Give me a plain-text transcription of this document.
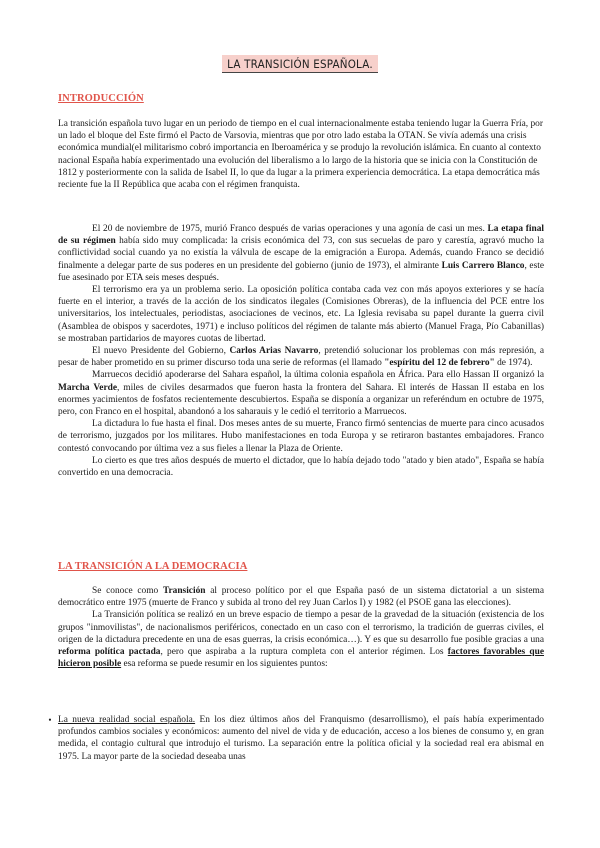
LA TRANSICIÓN ESPAÑOLA.
INTRODUCCIÓN

La transición española tuvo lugar en un periodo de tiempo en el cual internacionalmente estaba teniendo lugar la Guerra Fría, por un lado el bloque del Este firmó el Pacto de Varsovia, mientras que por otro lado estaba la OTAN. Se vivía además una crisis económica mundial(el militarismo cobró importancia en Iberoamérica y se produjo la revolución islámica. En cuanto al contexto nacional España había experimentado una evolución del liberalismo a lo largo de la historia que se inicia con la Constitución de 1812 y posteriormente con la salida de Isabel II, lo que da lugar a la primera experiencia democrática. La etapa democrática más reciente fue la II República que acaba con el régimen franquista.

El 20 de noviembre de 1975, murió Franco después de varias operaciones y una agonía de casi un mes. La etapa final de su régimen había sido muy complicada: la crisis económica del 73, con sus secuelas de paro y carestía, agravó mucho la conflictividad social cuando ya no existía la válvula de escape de la emigración a Europa. Además, cuando Franco se decidió finalmente a delegar parte de sus poderes en un presidente del gobierno (junio de 1973), el almirante Luis Carrero Blanco, este fue asesinado por ETA seis meses después.

El terrorismo era ya un problema serio. La oposición política contaba cada vez con más apoyos exteriores y se hacía fuerte en el interior, a través de la acción de los sindicatos ilegales (Comisiones Obreras), de la influencia del PCE entre los universitarios, los intelectuales, periodistas, asociaciones de vecinos, etc. La Iglesia revisaba su papel durante la guerra civil (Asamblea de obispos y sacerdotes, 1971) e incluso políticos del régimen de talante más abierto (Manuel Fraga, Pío Cabanillas) se mostraban partidarios de mayores cuotas de libertad.

El nuevo Presidente del Gobierno, Carlos Arias Navarro, pretendió solucionar los problemas con más represión, a pesar de haber prometido en su primer discurso toda una serie de reformas (el llamado "espíritu del 12 de febrero" de 1974).

Marruecos decidió apoderarse del Sahara español, la última colonia española en África. Para ello Hassan II organizó la Marcha Verde, miles de civiles desarmados que fueron hasta la frontera del Sahara. El interés de Hassan II estaba en los enormes yacimientos de fosfatos recientemente descubiertos. España se disponía a organizar un referéndum en octubre de 1975, pero, con Franco en el hospital, abandonó a los saharauis y le cedió el territorio a Marruecos.

La dictadura lo fue hasta el final. Dos meses antes de su muerte, Franco firmó sentencias de muerte para cinco acusados de terrorismo, juzgados por los militares. Hubo manifestaciones en toda Europa y se retiraron bastantes embajadores. Franco contestó convocando por última vez a sus fieles a llenar la Plaza de Oriente.

Lo cierto es que tres años después de muerto el dictador, que lo había dejado todo "atado y bien atado", España se había convertido en una democracia.

LA TRANSICIÓN A LA DEMOCRACIA

Se conoce como Transición al proceso político por el que España pasó de un sistema dictatorial a un sistema democrático entre 1975 (muerte de Franco y subida al trono del rey Juan Carlos I) y 1982 (el PSOE gana las elecciones).

La Transición política se realizó en un breve espacio de tiempo a pesar de la gravedad de la situación (existencia de los grupos "inmovilistas", de nacionalismos periféricos, conectado en un caso con el terrorismo, la tradición de guerras civiles, el origen de la dictadura precedente en una de esas guerras, la crisis económica…). Y es que su desarrollo fue posible gracias a una reforma política pactada, pero que aspiraba a la ruptura completa con el anterior régimen. Los factores favorables que hicieron posible esa reforma se puede resumir en los siguientes puntos:

• La nueva realidad social española. En los diez últimos años del Franquismo (desarrollismo), el país había experimentado profundos cambios sociales y económicos: aumento del nivel de vida y de educación, acceso a los bienes de consumo y, en gran medida, el contagio cultural que introdujo el turismo. La separación entre la política oficial y la sociedad real era abismal en 1975. La mayor parte de la sociedad deseaba unas
